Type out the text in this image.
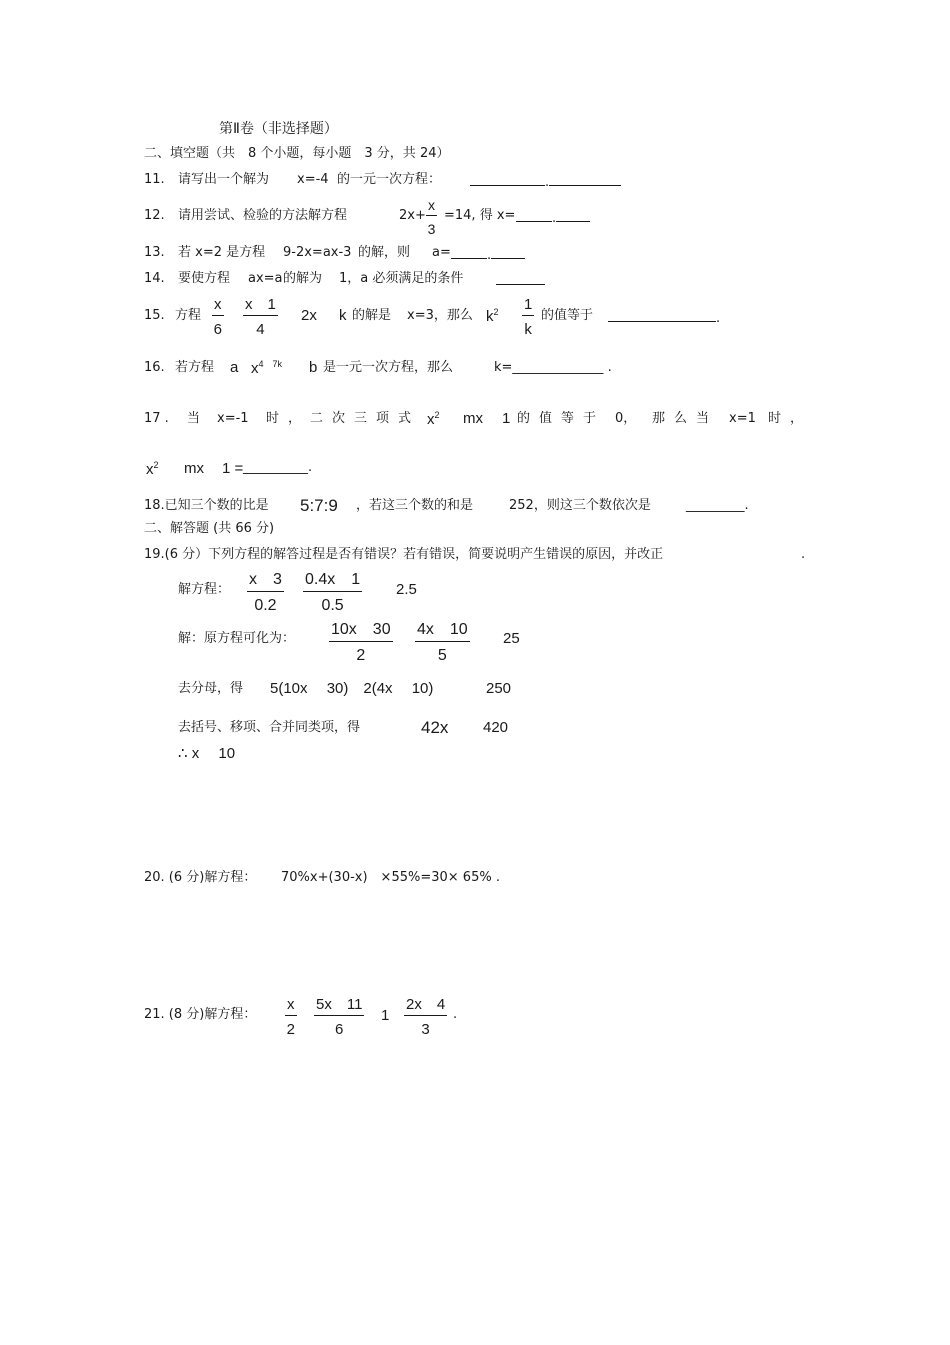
第Ⅱ卷（非选择题）
二、填空题（共　8 个小题，每小题　3 分，共 24）
11. 请写出一个解为 x=-4 的一元一次方程：	.
12. 请用尝试、检验的方法解方程	$2x+ \frac{x}{3} =14$, 得 x=	.
13. 若 x=2 是方程 9-2x=ax-3 的解，则 a=	.
14. 要使方程 ax=a 的解为 1，a 必须满足的条件
15. 方程 $\frac{x}{6} \frac{x 1}{4} 2x$ k 的解是 x=3，那么 $k^2 \frac{1}{k}$ 的值等于	.
16. 若方程 a $x^{4 7k}$ b 是一元一次方程，那么	k=______________ .
17 . 当 x=-1 时，二次三项式 $x^2$ mx 1 的值等于 0， 那么当 x=1 时，
$x^2$ mx 1 = __________.
18.已知三个数的比是 5:7:9 ，若这三个数的和是	252，则这三个数依次是	_________.
二、解答题 (共 66 分)
19.(6 分）下列方程的解答过程是否有错误？若有错误，简要说明产生错误的原因，并改正	.
解方程： $\frac{x 3}{0.2} \frac{0.4x 1}{0.5} 2.5$
解：原方程可化为： $\frac{10x 30}{2} \frac{4x 10}{5} 25$
去分母，得 5(10x　 30)　2(4x　 10)	250
去括号、移项、合并同类项，得	42x 420
∴ x　 10
20. (6 分)解方程： 70%x+(30-x)　×55%=30× 65% .
21. (8 分)解方程： $\frac{x}{2} \frac{5x 11}{6} 1 \frac{2x 4}{3}$ .
